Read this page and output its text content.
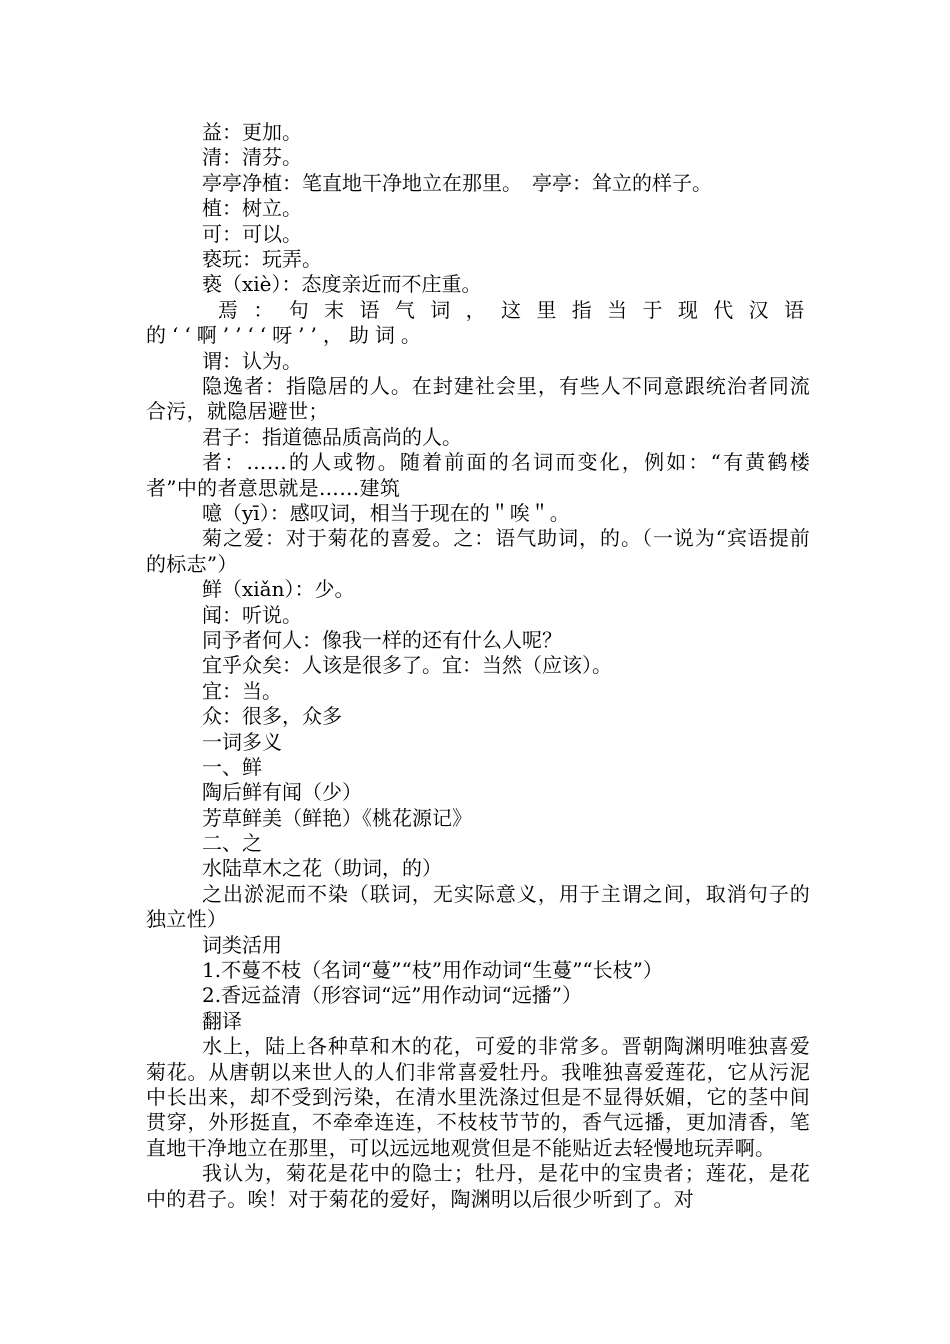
益：更加。
清：清芬。
亭亭净植：笔直地干净地立在那里。　亭亭：耸立的样子。
植：树立。
可：可以。
亵玩：玩弄。
亵（xiè）：态度亲近而不庄重。
焉：句末语气词，这里指当于现代汉语的‘‘啊’’‘‘呀’’，助词。
谓：认为。
隐逸者：指隐居的人。在封建社会里，有些人不同意跟统治者同流合污，就隐居避世；
君子：指道德品质高尚的人。
者：……的人或物。随着前面的名词而变化，例如：“有黄鹤楼者”中的者意思就是……建筑
噫（yī）：感叹词，相当于现在的＂唉＂。
菊之爱：对于菊花的喜爱。之：语气助词，的。（一说为“宾语提前的标志”）
鲜（xiǎn）：少。
闻：听说。
同予者何人：像我一样的还有什么人呢？
宜乎众矣：人该是很多了。宜：当然（应该）。
宜：当。
众：很多，众多
一词多义
一、鲜
陶后鲜有闻（少）
芳草鲜美（鲜艳）《桃花源记》
二、之
水陆草木之花（助词，的）
之出淤泥而不染（联词，无实际意义，用于主谓之间，取消句子的独立性）
词类活用
1.不蔓不枝（名词“蔓”“枝”用作动词“生蔓”“长枝”）
2.香远益清（形容词“远”用作动词“远播”）
翻译
水上，陆上各种草和木的花，可爱的非常多。晋朝陶渊明唯独喜爱菊花。从唐朝以来世人的人们非常喜爱牡丹。我唯独喜爱莲花，它从污泥中长出来，却不受到污染，在清水里洗涤过但是不显得妖媚，它的茎中间贯穿，外形挺直，不牵牵连连，不枝枝节节的，香气远播，更加清香，笔直地干净地立在那里，可以远远地观赏但是不能贴近去轻慢地玩弄啊。
我认为，菊花是花中的隐士；牡丹，是花中的宝贵者；莲花，是花中的君子。唉！对于菊花的爱好，陶渊明以后很少听到了。对
